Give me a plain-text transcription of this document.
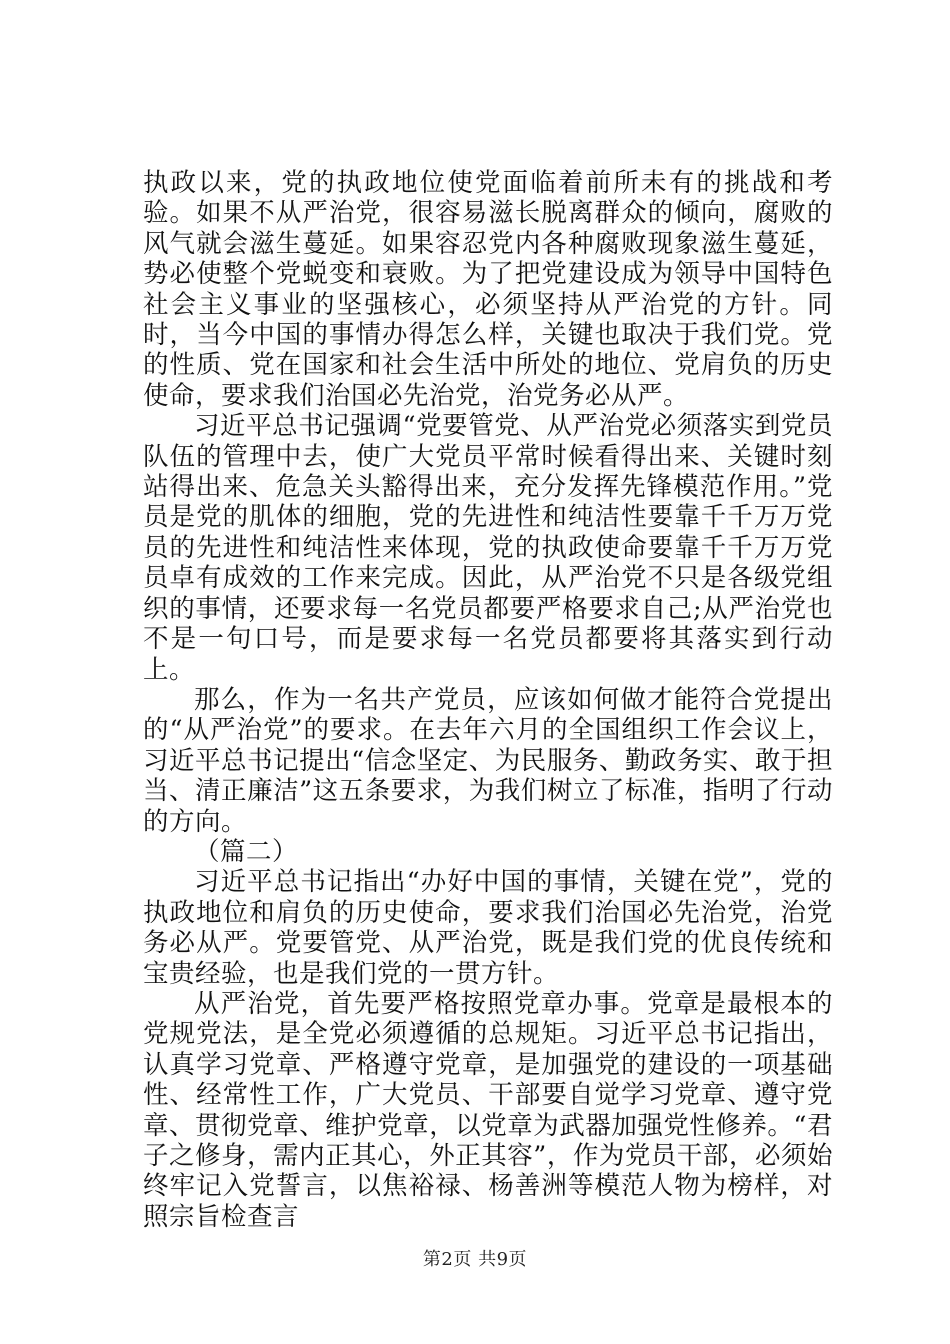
执政以来，党的执政地位使党面临着前所未有的挑战和考验。如果不从严治党，很容易滋长脱离群众的倾向，腐败的风气就会滋生蔓延。如果容忍党内各种腐败现象滋生蔓延，势必使整个党蜕变和衰败。为了把党建设成为领导中国特色社会主义事业的坚强核心，必须坚持从严治党的方针。同时，当今中国的事情办得怎么样，关键也取决于我们党。党的性质、党在国家和社会生活中所处的地位、党肩负的历史使命，要求我们治国必先治党，治党务必从严。

习近平总书记强调“党要管党、从严治党必须落实到党员队伍的管理中去，使广大党员平常时候看得出来、关键时刻站得出来、危急关头豁得出来，充分发挥先锋模范作用。”党员是党的肌体的细胞，党的先进性和纯洁性要靠千千万万党员的先进性和纯洁性来体现，党的执政使命要靠千千万万党员卓有成效的工作来完成。因此，从严治党不只是各级党组织的事情，还要求每一名党员都要严格要求自己;从严治党也不是一句口号，而是要求每一名党员都要将其落实到行动上。

那么，作为一名共产党员，应该如何做才能符合党提出的“从严治党”的要求。在去年六月的全国组织工作会议上，习近平总书记提出“信念坚定、为民服务、勤政务实、敢于担当、清正廉洁”这五条要求，为我们树立了标准，指明了行动的方向。

（篇二）

习近平总书记指出“办好中国的事情，关键在党”，党的执政地位和肩负的历史使命，要求我们治国必先治党，治党务必从严。党要管党、从严治党，既是我们党的优良传统和宝贵经验，也是我们党的一贯方针。

从严治党，首先要严格按照党章办事。党章是最根本的党规党法，是全党必须遵循的总规矩。习近平总书记指出，认真学习党章、严格遵守党章，是加强党的建设的一项基础性、经常性工作，广大党员、干部要自觉学习党章、遵守党章、贯彻党章、维护党章，以党章为武器加强党性修养。“君子之修身，需内正其心，外正其容”，作为党员干部，必须始终牢记入党誓言，以焦裕禄、杨善洲等模范人物为榜样，对照宗旨检查言

第2页 共9页
